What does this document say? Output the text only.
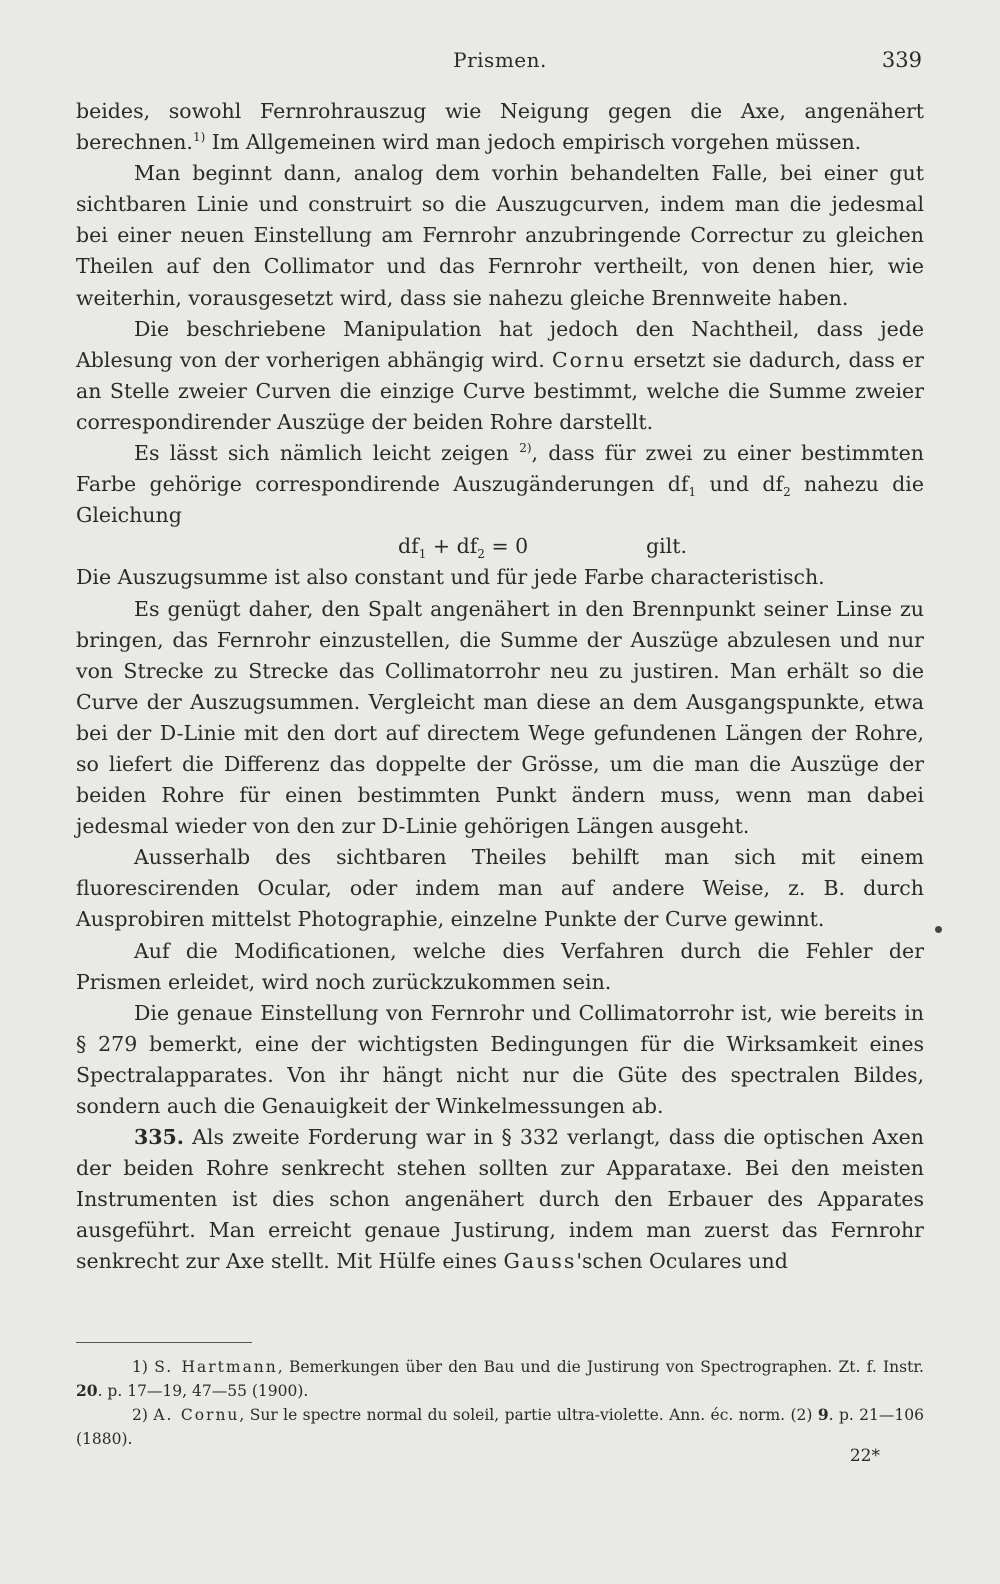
Prismen.	339

beides, sowohl Fernrohrauszug wie Neigung gegen die Axe, angenähert berechnen.$^{1)}$ Im Allgemeinen wird man jedoch empirisch vorgehen müssen.

Man beginnt dann, analog dem vorhin behandelten Falle, bei einer gut sichtbaren Linie und construirt so die Auszugcurven, indem man die jedesmal bei einer neuen Einstellung am Fernrohr anzubringende Correctur zu gleichen Theilen auf den Collimator und das Fernrohr vertheilt, von denen hier, wie weiterhin, vorausgesetzt wird, dass sie nahezu gleiche Brennweite haben.

Die beschriebene Manipulation hat jedoch den Nachtheil, dass jede Ablesung von der vorherigen abhängig wird. Cornu ersetzt sie dadurch, dass er an Stelle zweier Curven die einzige Curve bestimmt, welche die Summe zweier correspondirender Auszüge der beiden Rohre darstellt.

Es lässt sich nämlich leicht zeigen $^{2)}$, dass für zwei zu einer bestimmten Farbe gehörige correspondirende Auszugänderungen $df_1$ und $df_2$ nahezu die Gleichung

$df_1 + df_2 = 0$	gilt.

Die Auszugsumme ist also constant und für jede Farbe characteristisch.

Es genügt daher, den Spalt angenähert in den Brennpunkt seiner Linse zu bringen, das Fernrohr einzustellen, die Summe der Auszüge abzulesen und nur von Strecke zu Strecke das Collimatorrohr neu zu justiren. Man erhält so die Curve der Auszugsummen. Vergleicht man diese an dem Ausgangspunkte, etwa bei der D-Linie mit den dort auf directem Wege gefundenen Längen der Rohre, so liefert die Differenz das doppelte der Grösse, um die man die Auszüge der beiden Rohre für einen bestimmten Punkt ändern muss, wenn man dabei jedesmal wieder von den zur D-Linie gehörigen Längen ausgeht.

Ausserhalb des sichtbaren Theiles behilft man sich mit einem fluorescirenden Ocular, oder indem man auf andere Weise, z. B. durch Ausprobiren mittelst Photographie, einzelne Punkte der Curve gewinnt.

Auf die Modificationen, welche dies Verfahren durch die Fehler der Prismen erleidet, wird noch zurückzukommen sein.

Die genaue Einstellung von Fernrohr und Collimatorrohr ist, wie bereits in § 279 bemerkt, eine der wichtigsten Bedingungen für die Wirksamkeit eines Spectralapparates. Von ihr hängt nicht nur die Güte des spectralen Bildes, sondern auch die Genauigkeit der Winkelmessungen ab.

335. Als zweite Forderung war in § 332 verlangt, dass die optischen Axen der beiden Rohre senkrecht stehen sollten zur Apparataxe. Bei den meisten Instrumenten ist dies schon angenähert durch den Erbauer des Apparates ausgeführt. Man erreicht genaue Justirung, indem man zuerst das Fernrohr senkrecht zur Axe stellt. Mit Hülfe eines Gauss'schen Oculares und

1) S. Hartmann, Bemerkungen über den Bau und die Justirung von Spectrographen. Zt. f. Instr. 20. p. 17—19, 47—55 (1900).

2) A. Cornu, Sur le spectre normal du soleil, partie ultra-violette. Ann. éc. norm. (2) 9. p. 21—106 (1880).

22*
